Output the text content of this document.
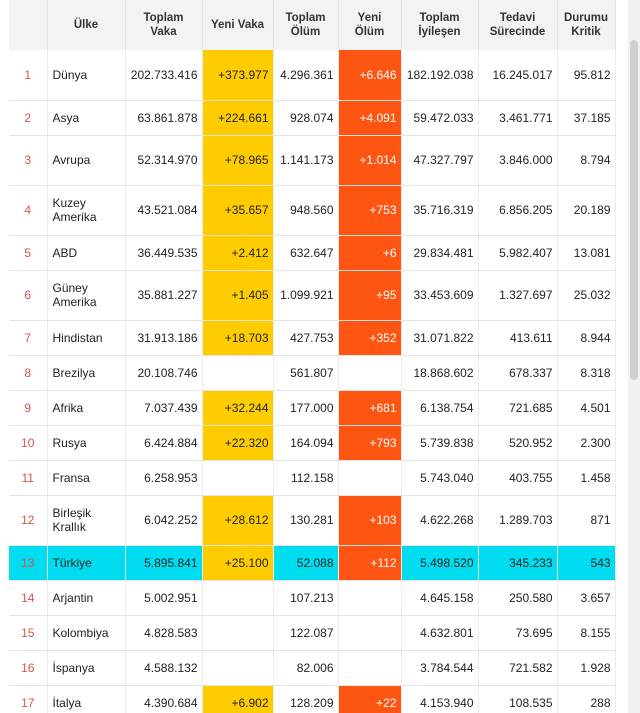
	Ülke	Toplam Vaka	Yeni Vaka	Toplam Ölüm	Yeni Ölüm	Toplam İyileşen	Tedavi Sürecinde	Durumu Kritik
1	Dünya	202.733.416	+373.977	4.296.361	+6.646	182.192.038	16.245.017	95.812
2	Asya	63.861.878	+224.661	928.074	+4.091	59.472.033	3.461.771	37.185
3	Avrupa	52.314.970	+78.965	1.141.173	+1.014	47.327.797	3.846.000	8.794
4	Kuzey Amerika	43.521.084	+35.657	948.560	+753	35.716.319	6.856.205	20.189
5	ABD	36.449.535	+2.412	632.647	+6	29.834.481	5.982.407	13.081
6	Güney Amerika	35.881.227	+1.405	1.099.921	+95	33.453.609	1.327.697	25.032
7	Hindistan	31.913.186	+18.703	427.753	+352	31.071.822	413.611	8.944
8	Brezilya	20.108.746		561.807		18.868.602	678.337	8.318
9	Afrika	7.037.439	+32.244	177.000	+681	6.138.754	721.685	4.501
10	Rusya	6.424.884	+22.320	164.094	+793	5.739.838	520.952	2.300
11	Fransa	6.258.953		112.158		5.743.040	403.755	1.458
12	Birleşik Krallık	6.042.252	+28.612	130.281	+103	4.622.268	1.289.703	871
13	Türkiye	5.895.841	+25.100	52.088	+112	5.498.520	345.233	543
14	Arjantin	5.002.951		107.213		4.645.158	250.580	3.657
15	Kolombiya	4.828.583		122.087		4.632.801	73.695	8.155
16	İspanya	4.588.132		82.006		3.784.544	721.582	1.928
17	İtalya	4.390.684	+6.902	128.209	+22	4.153.940	108.535	288
